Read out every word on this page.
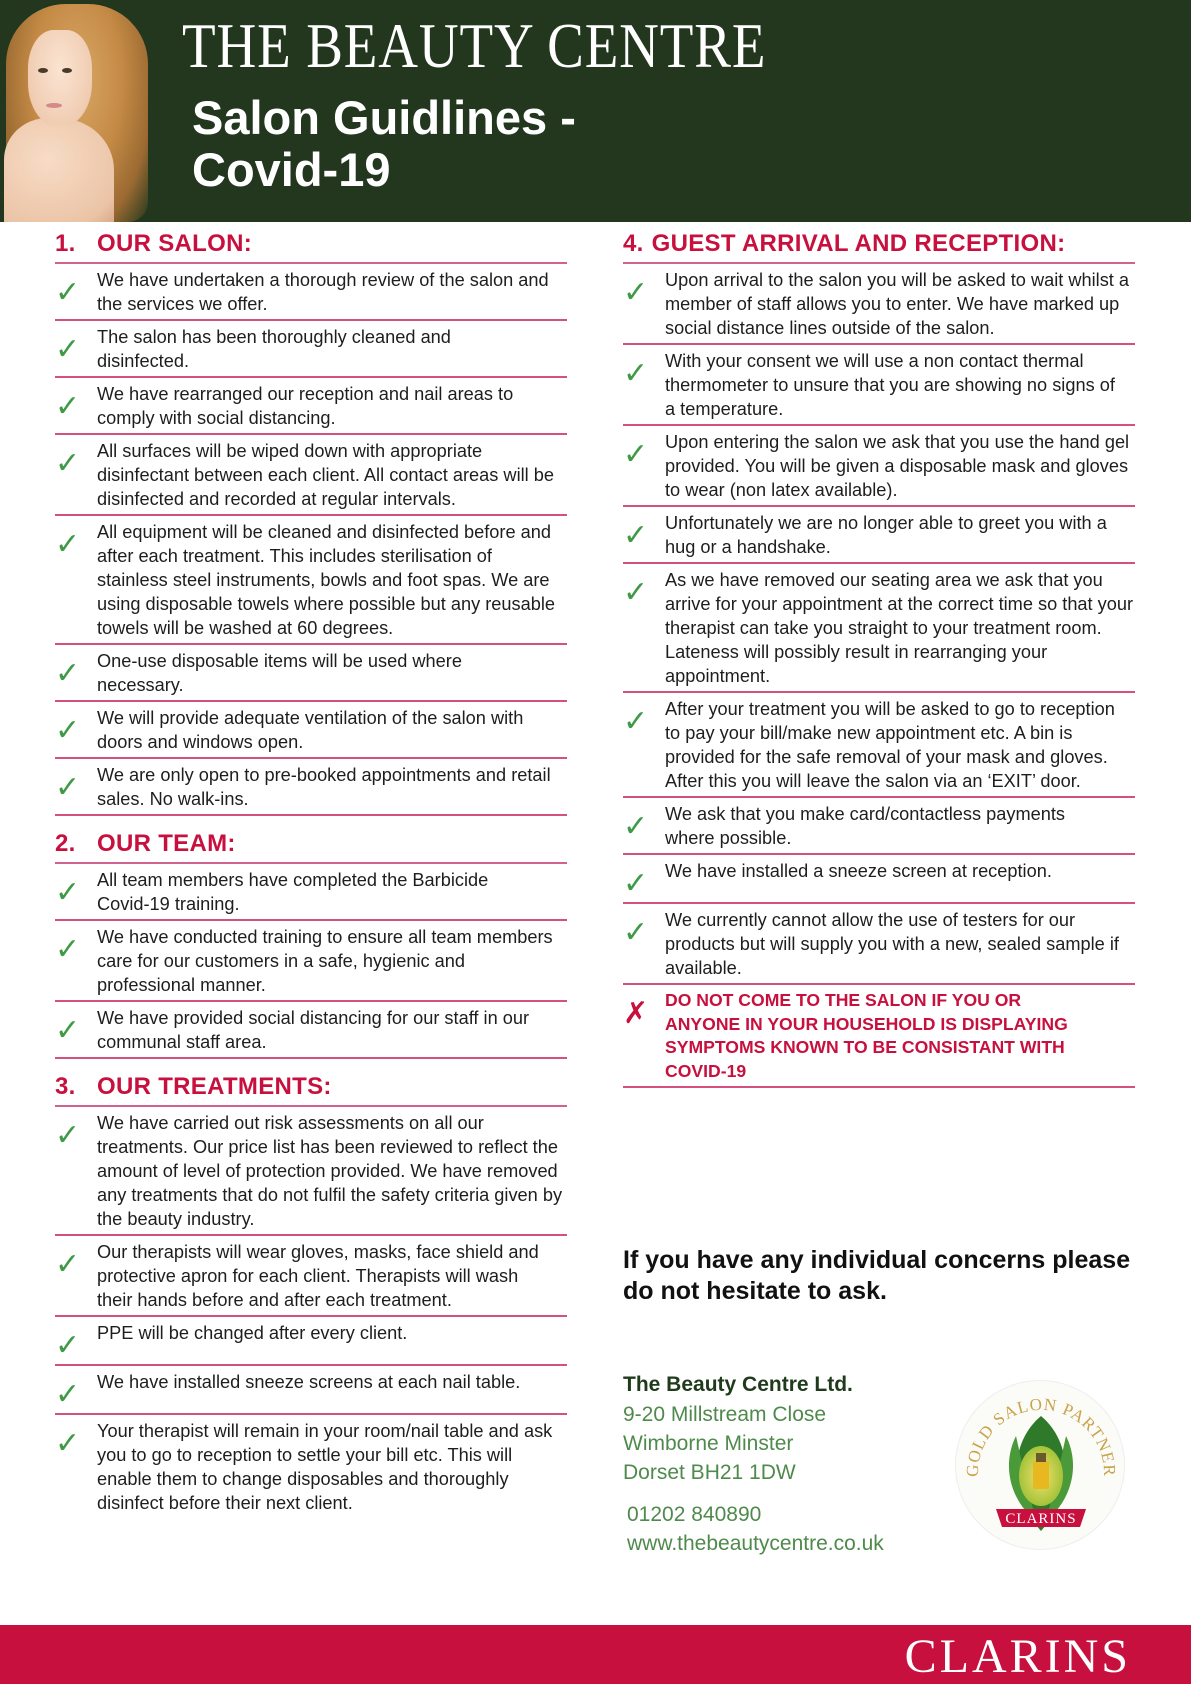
THE BEAUTY CENTRE
Salon Guidlines -
Covid-19
1. OUR SALON:
✓ We have undertaken a thorough review of the salon and the services we offer.
✓ The salon has been thoroughly cleaned and disinfected.
✓ We have rearranged our reception and nail areas to comply with social distancing.
✓ All surfaces will be wiped down with appropriate disinfectant between each client. All contact areas will be disinfected and recorded at regular intervals.
✓ All equipment will be cleaned and disinfected before and after each treatment. This includes sterilisation of stainless steel instruments, bowls and foot spas. We are using disposable towels where possible but any reusable towels will be washed at 60 degrees.
✓ One-use disposable items will be used where necessary.
✓ We will provide adequate ventilation of the salon with doors and windows open.
✓ We are only open to pre-booked appointments and retail sales. No walk-ins.
2. OUR TEAM:
✓ All team members have completed the Barbicide Covid-19 training.
✓ We have conducted training to ensure all team members care for our customers in a safe, hygienic and professional manner.
✓ We have provided social distancing for our staff in our communal staff area.
3. OUR TREATMENTS:
✓ We have carried out risk assessments on all our treatments. Our price list has been reviewed to reflect the amount of level of protection provided. We have removed any treatments that do not fulfil the safety criteria given by the beauty industry.
✓ Our therapists will wear gloves, masks, face shield and protective apron for each client. Therapists will wash their hands before and after each treatment.
✓ PPE will be changed after every client.
✓ We have installed sneeze screens at each nail table.
✓ Your therapist will remain in your room/nail table and ask you to go to reception to settle your bill etc. This will enable them to change disposables and thoroughly disinfect before their next client.
4. GUEST ARRIVAL AND RECEPTION:
✓ Upon arrival to the salon you will be asked to wait whilst a member of staff allows you to enter. We have marked up social distance lines outside of the salon.
✓ With your consent we will use a non contact thermal thermometer to unsure that you are showing no signs of a temperature.
✓ Upon entering the salon we ask that you use the hand gel provided. You will be given a disposable mask and gloves to wear (non latex available).
✓ Unfortunately we are no longer able to greet you with a hug or a handshake.
✓ As we have removed our seating area we ask that you arrive for your appointment at the correct time so that your therapist can take you straight to your treatment room. Lateness will possibly result in rearranging your appointment.
✓ After your treatment you will be asked to go to reception to pay your bill/make new appointment etc. A bin is provided for the safe removal of your mask and gloves. After this you will leave the salon via an ‘EXIT’ door.
✓ We ask that you make card/contactless payments where possible.
✓ We have installed a sneeze screen at reception.
✓ We currently cannot allow the use of testers for our products but will supply you with a new, sealed sample if available.
✗ DO NOT COME TO THE SALON IF YOU OR ANYONE IN YOUR HOUSEHOLD IS DISPLAYING SYMPTOMS KNOWN TO BE CONSISTANT WITH COVID-19
If you have any individual concerns please do not hesitate to ask.
The Beauty Centre Ltd.
9-20 Millstream Close
Wimborne Minster
Dorset BH21 1DW
01202 840890
www.thebeautycentre.co.uk
GOLD SALON PARTNER
CLARINS
CLARINS
